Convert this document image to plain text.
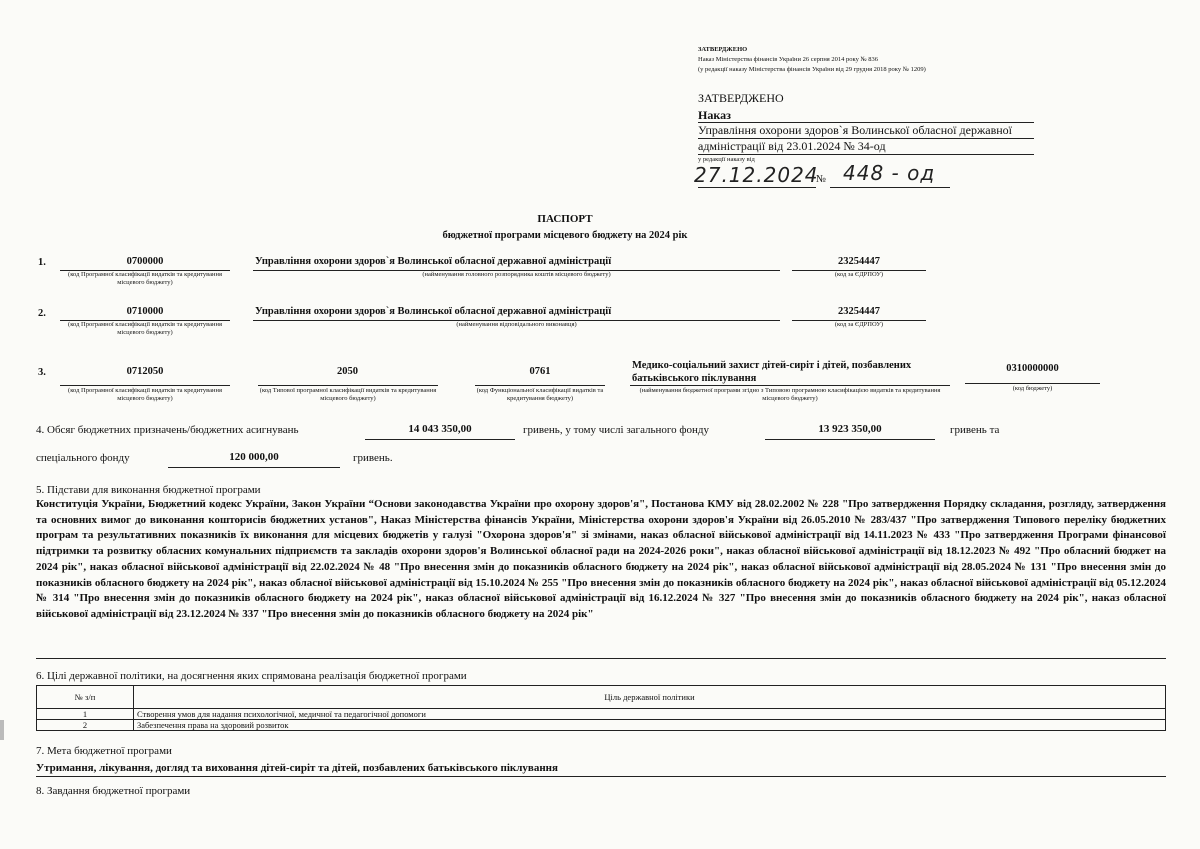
ЗАТВЕРДЖЕНО
Наказ Міністерства фінансів України 26 серпня 2014 року № 836
(у редакції наказу Міністерства фінансів України від 29 грудня 2018 року № 1209)
ЗАТВЕРДЖЕНО
Наказ
Управління охорони здоров`я Волинської обласної державної
адміністрації від 23.01.2024 № 34-од
у редакції наказу від
27.12.2024
№ 448 - од
ПАСПОРТ
бюджетної програми місцевого бюджету на 2024 рік
1.	0700000
(код Програмної класифікації видатків та кредитування місцевого бюджету)
Управління охорони здоров`я Волинської обласної державної адміністрації
(найменування головного розпорядника коштів місцевого бюджету)
23254447
(код за ЄДРПОУ)
2.	0710000
(код Програмної класифікації видатків та кредитування місцевого бюджету)
Управління охорони здоров`я Волинської обласної державної адміністрації
(найменування відповідального виконавця)
23254447
(код за ЄДРПОУ)
3.	0712050
(код Програмної класифікації видатків та кредитування місцевого бюджету)
2050
(код Типової програмної класифікації видатків та кредитування місцевого бюджету)
0761
(код Функціональної класифікації видатків та кредитування бюджету)
Медико-соціальний захист дітей-сиріт і дітей, позбавлених
батьківського піклування
(найменування бюджетної програми згідно з Типовою програмною класифікацією видатків та кредитування місцевого бюджету)
0310000000
(код бюджету)
4. Обсяг бюджетних призначень/бюджетних асигнувань	14 043 350,00	гривень, у тому числі загального фонду	13 923 350,00	гривень та
спеціального фонду	120 000,00	гривень.
5. Підстави для виконання бюджетної програми
Конституція України, Бюджетний кодекс України, Закон України “Основи законодавства України про охорону здоров'я", Постанова КМУ від 28.02.2002 № 228 "Про затвердження Порядку складання, розгляду, затвердження та основних вимог до виконання кошторисів бюджетних установ", Наказ Міністерства фінансів України, Міністерства охорони здоров'я України від 26.05.2010 № 283/437 "Про затвердження Типового переліку бюджетних програм та результативних показників їх виконання для місцевих бюджетів у галузі "Охорона здоров'я" зі змінами, наказ обласної військової адміністрації від 14.11.2023 № 433 "Про затвердження Програми фінансової підтримки та розвитку обласних комунальних підприємств та закладів охорони здоров'я Волинської обласної ради на 2024-2026 роки", наказ обласної військової адміністрації від 18.12.2023 № 492 "Про обласний бюджет на 2024 рік", наказ обласної військової адміністрації від 22.02.2024 № 48 "Про внесення змін до показників обласного бюджету на 2024 рік", наказ обласної військової адміністрації від 28.05.2024 № 131 "Про внесення змін до показників обласного бюджету на 2024 рік", наказ обласної військової адміністрації від 15.10.2024 № 255 "Про внесення змін до показників обласного бюджету на 2024 рік", наказ обласної військової адміністрації від 05.12.2024 № 314 "Про внесення змін до показників обласного бюджету на 2024 рік", наказ обласної військової адміністрації від 16.12.2024 № 327 "Про внесення змін до показників обласного бюджету на 2024 рік", наказ обласної військової адміністрації від 23.12.2024 № 337 "Про внесення змін до показників обласного бюджету на 2024 рік"
6. Цілі державної політики, на досягнення яких спрямована реалізація бюджетної програми
№ з/п	Ціль державної політики
1	Створення умов для надання психологічної, медичної та педагогічної допомоги
2	Забезпечення права на здоровий розвиток
7. Мета бюджетної програми
Утримання, лікування, догляд та виховання дітей-сиріт та дітей, позбавлених батьківського піклування
8. Завдання бюджетної програми
